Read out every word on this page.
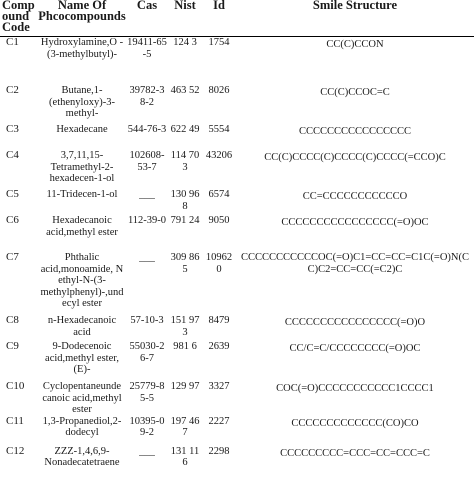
Comp ound Code	Name Of Phcocompounds	Cas	Nist	Id	Smile Structure
C1	Hydroxylamine,O -(3-methylbutyl)-	19411-65-5	124 3	1754	CC(C)CCON
C2	Butane,1-(ethenyloxy)-3-methyl-	39782-38-2	463 52	8026	CC(C)CCOC=C
C3	Hexadecane	544-76-3	622 49	5554	CCCCCCCCCCCCCCCC
C4	3,7,11,15-Tetramethyl-2-hexadecen-1-ol	102608-53-7	114 703	43206	CC(C)CCCC(C)CCCC(C)CCCC(=CCO)C
C5	11-Tridecen-1-ol	___	130 968	6574	CC=CCCCCCCCCCCO
C6	Hexadecanoic acid,methyl ester	112-39-0	791 24	9050	CCCCCCCCCCCCCCCC(=O)OC
C7	Phthalic acid,monoamide, N ethyl-N-(3-methylphenyl)-,undecyl ester	___	309 865	10962 0	CCCCCCCCCCCOC(=O)C1=CC=CC=C1C(=O)N(CC)C2=CC=CC(=C2)C
C8	n-Hexadecanoic acid	57-10-3	151 973	8479	CCCCCCCCCCCCCCCC(=O)O
C9	9-Dodecenoic acid,methyl ester,(E)-	55030-26-7	981 6	2639	CC/C=C/CCCCCCCC(=O)OC
C10	Cyclopentaneunde canoic acid,methyl ester	25779-85-5	129 97	3327	COC(=O)CCCCCCCCCCC1CCCC1
C11	1,3-Propanediol,2-dodecyl	10395-09-2	197 467	2227	CCCCCCCCCCCCC(CO)CO
C12	ZZZ-1,4,6,9-Nonadecatetraene	___	131 116	2298	CCCCCCCCC=CCC=CC=CCC=C
